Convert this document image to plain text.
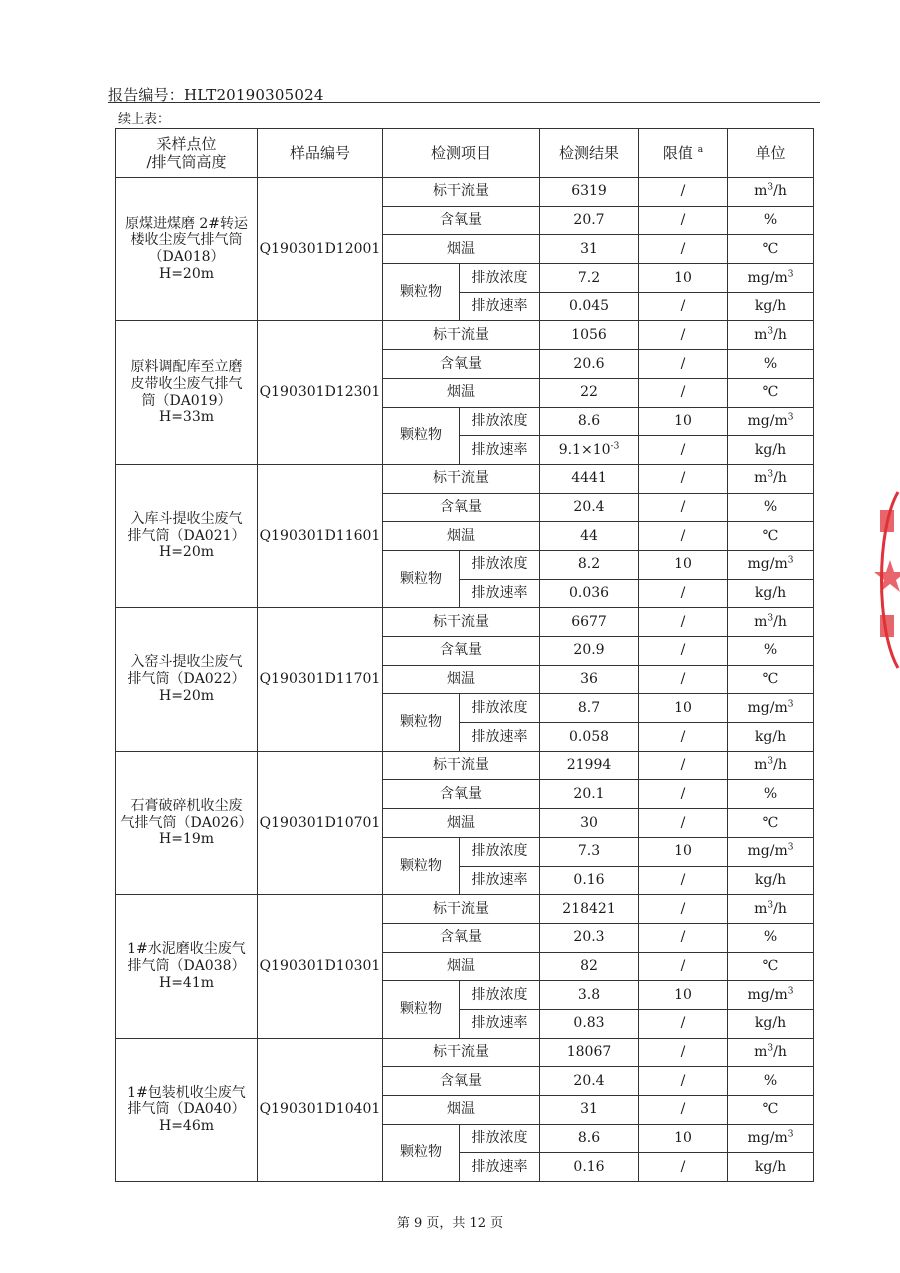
报告编号：HLT20190305024
续上表：
采样点位
/排气筒高度	样品编号	检测项目		检测结果	限值 $^a$	单位
原煤进煤磨 2#转运
楼收尘废气排气筒
（DA018）
H=20m	Q190301D12001	标干流量		6319	/	$m^3/h$
		含氧量		20.7	/	%
		烟温		31	/	℃
		颗粒物	排放浓度	7.2	10	$mg/m^3$
			排放速率	0.045	/	kg/h
原料调配库至立磨
皮带收尘废气排气
筒（DA019）
H=33m	Q190301D12301	标干流量		1056	/	$m^3/h$
		含氧量		20.6	/	%
		烟温		22	/	℃
		颗粒物	排放浓度	8.6	10	$mg/m^3$
			排放速率	$9.1\times 10^{-3}$	/	kg/h
入库斗提收尘废气
排气筒（DA021）
H=20m	Q190301D11601	标干流量		4441	/	$m^3/h$
		含氧量		20.4	/	%
		烟温		44	/	℃
		颗粒物	排放浓度	8.2	10	$mg/m^3$
			排放速率	0.036	/	kg/h
入窑斗提收尘废气
排气筒（DA022）
H=20m	Q190301D11701	标干流量		6677	/	$m^3/h$
		含氧量		20.9	/	%
		烟温		36	/	℃
		颗粒物	排放浓度	8.7	10	$mg/m^3$
			排放速率	0.058	/	kg/h
石膏破碎机收尘废
气排气筒（DA026）
H=19m	Q190301D10701	标干流量		21994	/	$m^3/h$
		含氧量		20.1	/	%
		烟温		30	/	℃
		颗粒物	排放浓度	7.3	10	$mg/m^3$
			排放速率	0.16	/	kg/h
1#水泥磨收尘废气
排气筒（DA038）
H=41m	Q190301D10301	标干流量		218421	/	$m^3/h$
		含氧量		20.3	/	%
		烟温		82	/	℃
		颗粒物	排放浓度	3.8	10	$mg/m^3$
			排放速率	0.83	/	kg/h
1#包装机收尘废气
排气筒（DA040）
H=46m	Q190301D10401	标干流量		18067	/	$m^3/h$
		含氧量		20.4	/	%
		烟温		31	/	℃
		颗粒物	排放浓度	8.6	10	$mg/m^3$
			排放速率	0.16	/	kg/h
第 9 页，共 12 页
